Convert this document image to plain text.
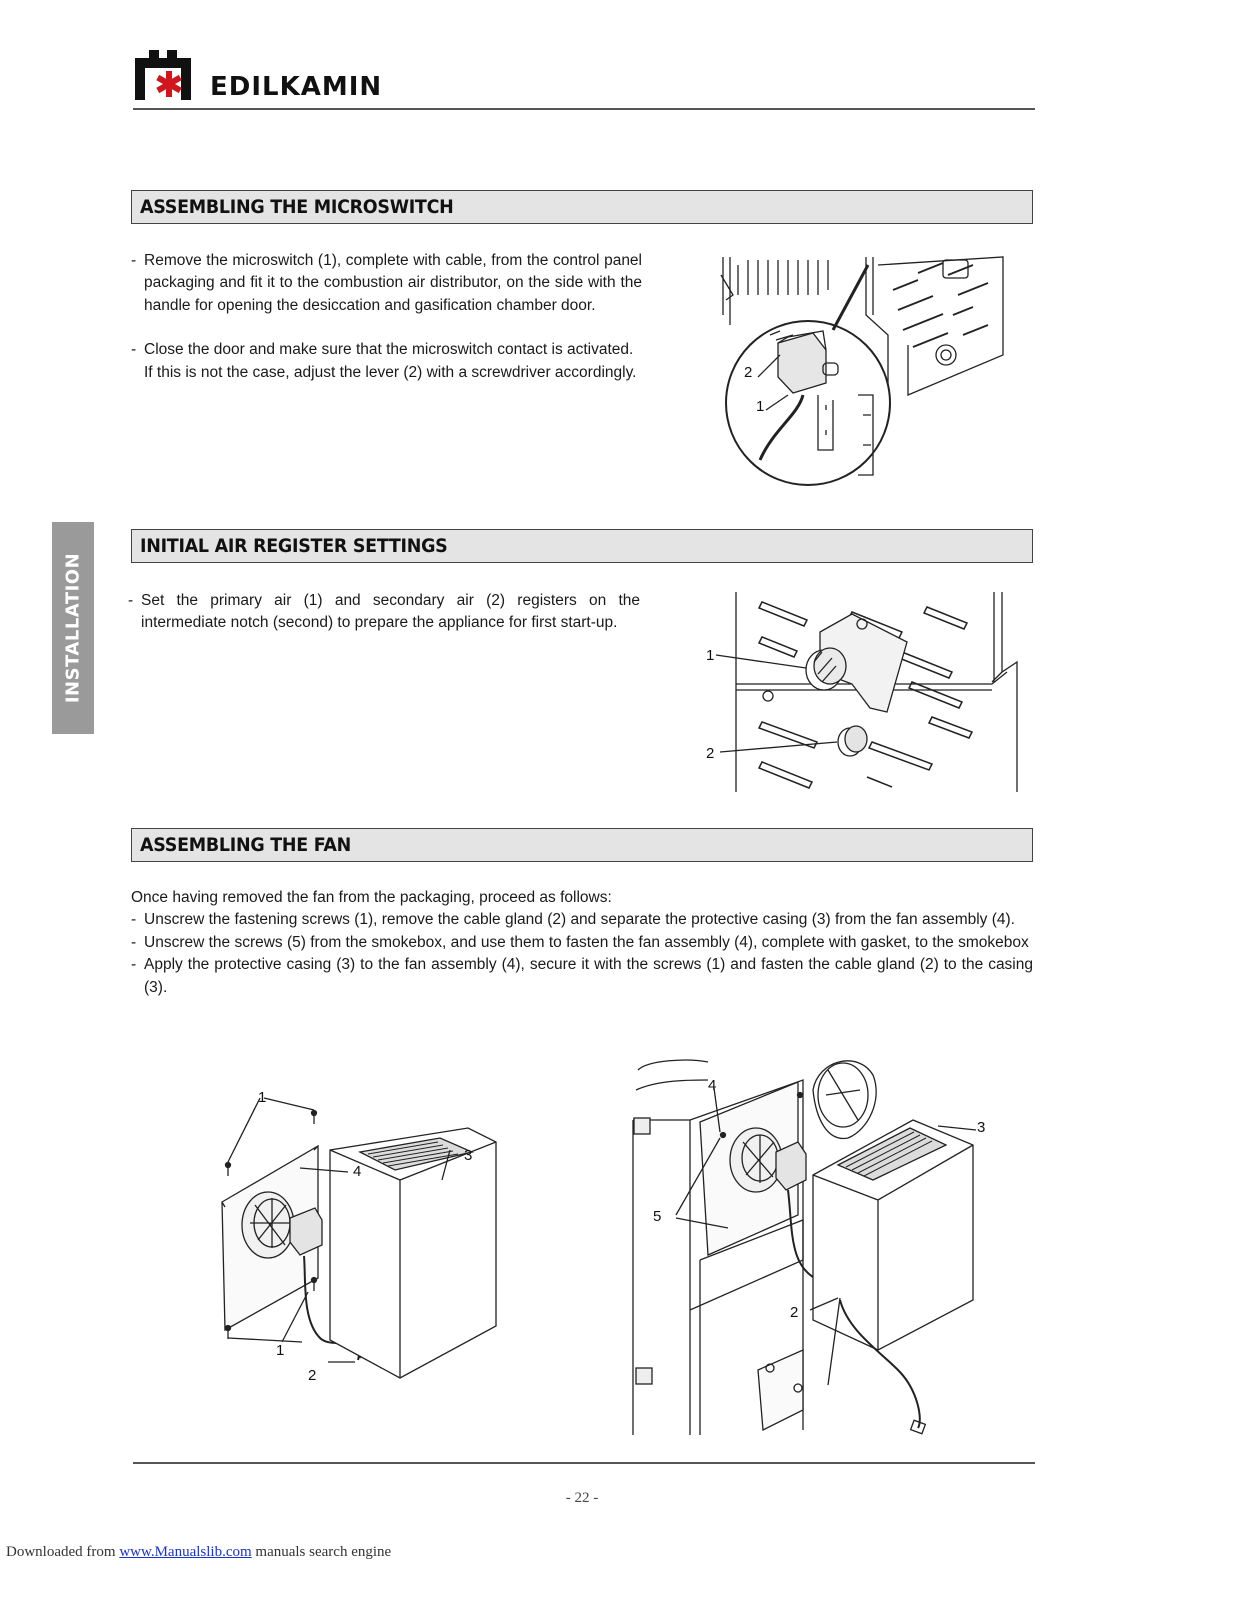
EDILKAMIN
INSTALLATION
ASSEMBLING THE MICROSWITCH
- Remove the microswitch (1), complete with cable, from the control panel packaging and fit it to the combustion air distributor, on the side with the handle for opening the desiccation and gasification chamber door.
- Close the door and make sure that the microswitch contact is activated.
If this is not the case, adjust the lever (2) with a screwdriver accordingly.	2
1
INITIAL AIR REGISTER SETTINGS
- Set the primary air (1) and secondary air (2) registers on the intermediate notch (second) to prepare the appliance for first start-up.
1
2
ASSEMBLING THE FAN
Once having removed the fan from the packaging, proceed as follows:
- Unscrew the fastening screws (1), remove the cable gland (2) and separate the protective casing (3) from the fan assembly (4).
- Unscrew the screws (5) from the smokebox, and use them to fasten the fan assembly (4), complete with gasket, to the smokebox
- Apply the protective casing (3) to the fan assembly (4), secure it with the screws (1) and fasten the cable gland (2) to the casing (3).
1
4
3
1
2
4
3
5
2
- 22 -
Downloaded from www.Manualslib.com manuals search engine
